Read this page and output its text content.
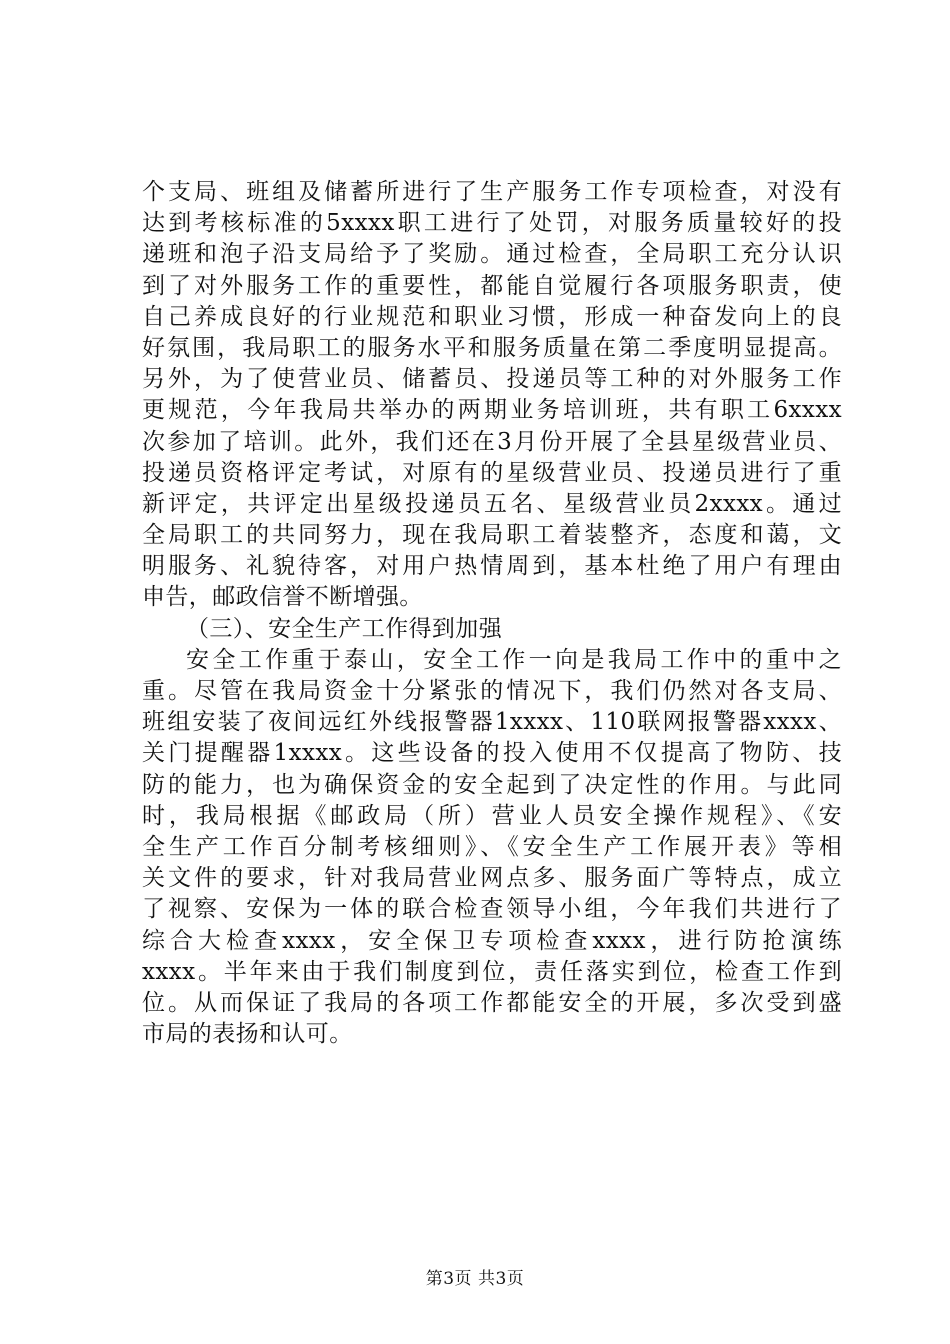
个支局、班组及储蓄所进行了生产服务工作专项检查，对没有
达到考核标准的5xxxx职工进行了处罚，对服务质量较好的投
递班和泡子沿支局给予了奖励。通过检查，全局职工充分认识
到了对外服务工作的重要性，都能自觉履行各项服务职责，使
自己养成良好的行业规范和职业习惯，形成一种奋发向上的良
好氛围，我局职工的服务水平和服务质量在第二季度明显提高。
另外，为了使营业员、储蓄员、投递员等工种的对外服务工作
更规范，今年我局共举办的两期业务培训班，共有职工6xxxx
次参加了培训。此外，我们还在3月份开展了全县星级营业员、
投递员资格评定考试，对原有的星级营业员、投递员进行了重
新评定，共评定出星级投递员五名、星级营业员2xxxx。通过
全局职工的共同努力，现在我局职工着装整齐，态度和蔼，文
明服务、礼貌待客，对用户热情周到，基本杜绝了用户有理由
申告，邮政信誉不断增强。
（三）、安全生产工作得到加强
安全工作重于泰山，安全工作一向是我局工作中的重中之
重。尽管在我局资金十分紧张的情况下，我们仍然对各支局、
班组安装了夜间远红外线报警器1xxxx、110联网报警器xxxx、
关门提醒器1xxxx。这些设备的投入使用不仅提高了物防、技
防的能力，也为确保资金的安全起到了决定性的作用。与此同
时，我局根据《邮政局（所）营业人员安全操作规程》、《安
全生产工作百分制考核细则》、《安全生产工作展开表》等相
关文件的要求，针对我局营业网点多、服务面广等特点，成立
了视察、安保为一体的联合检查领导小组，今年我们共进行了
综合大检查xxxx，安全保卫专项检查xxxx，进行防抢演练
xxxx。半年来由于我们制度到位，责任落实到位，检查工作到
位。从而保证了我局的各项工作都能安全的开展，多次受到盛
市局的表扬和认可。
第3页 共3页
